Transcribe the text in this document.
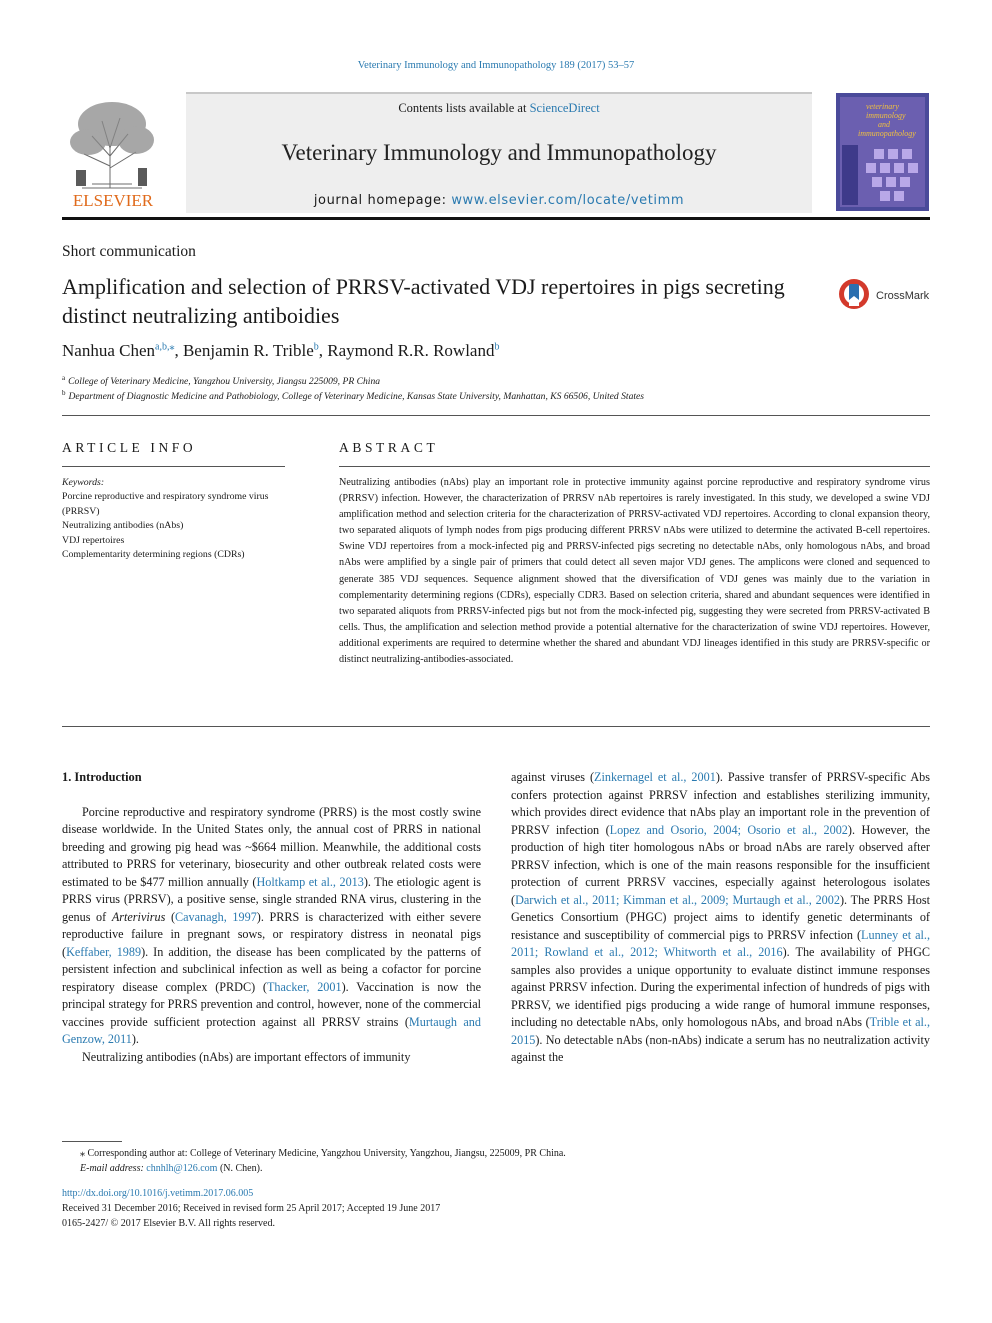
Veterinary Immunology and Immunopathology 189 (2017) 53–57
Contents lists available at ScienceDirect
Veterinary Immunology and Immunopathology
journal homepage: www.elsevier.com/locate/vetimm
ELSEVIER
veterinary
immunology
and
immunopathology
Short communication
Amplification and selection of PRRSV-activated VDJ repertoires in pigs secreting distinct neutralizing antiboidies
CrossMark
Nanhua Chen$^{a,b,⁎}$, Benjamin R. Trible$^b$, Raymond R.R. Rowland$^b$
$^a$ College of Veterinary Medicine, Yangzhou University, Jiangsu 225009, PR China
$^b$ Department of Diagnostic Medicine and Pathobiology, College of Veterinary Medicine, Kansas State University, Manhattan, KS 66506, United States
ARTICLE INFO	ABSTRACT
Keywords:
Porcine reproductive and respiratory syndrome virus (PRRSV)
Neutralizing antibodies (nAbs)
VDJ repertoires
Complementarity determining regions (CDRs)
Neutralizing antibodies (nAbs) play an important role in protective immunity against porcine reproductive and respiratory syndrome virus (PRRSV) infection. However, the characterization of PRRSV nAb repertoires is rarely investigated. In this study, we developed a swine VDJ amplification method and selection criteria for the characterization of PRRSV-activated VDJ repertoires. According to clonal expansion theory, two separated aliquots of lymph nodes from pigs producing different PRRSV nAbs were utilized to determine the activated B-cell repertoires. Swine VDJ repertoires from a mock-infected pig and PRRSV-infected pigs secreting no detectable nAbs, only homologous nAbs, and broad nAbs were amplified by a single pair of primers that could detect all seven major VDJ genes. The amplicons were cloned and sequenced to generate 385 VDJ sequences. Sequence alignment showed that the diversification of VDJ genes was mainly due to the variation in complementarity determining regions (CDRs), especially CDR3. Based on selection criteria, shared and abundant sequences were identified in two separated aliquots from PRRSV-infected pigs but not from the mock-infected pig, suggesting they were secreted from PRRSV-activated B cells. Thus, the amplification and selection method provide a potential alternative for the characterization of swine VDJ repertoires. However, additional experiments are required to determine whether the shared and abundant VDJ lineages identified in this study are PRRSV-specific or distinct neutralizing-antibodies-associated.
1. Introduction

Porcine reproductive and respiratory syndrome (PRRS) is the most costly swine disease worldwide. In the United States only, the annual cost of PRRS in national breeding and growing pig head was ~$664 million. Meanwhile, the additional costs attributed to PRRS for veterinary, biosecurity and other outbreak related costs were estimated to be $477 million annually (Holtkamp et al., 2013). The etiologic agent is PRRS virus (PRRSV), a positive sense, single stranded RNA virus, clustering in the genus of Arterivirus (Cavanagh, 1997). PRRS is characterized with either severe reproductive failure in pregnant sows, or respiratory distress in neonatal pigs (Keffaber, 1989). In addition, the disease has been complicated by the patterns of persistent infection and subclinical infection as well as being a cofactor for porcine respiratory disease complex (PRDC) (Thacker, 2001). Vaccination is now the principal strategy for PRRS prevention and control, however, none of the commercial vaccines provide sufficient protection against all PRRSV strains (Murtaugh and Genzow, 2011).

Neutralizing antibodies (nAbs) are important effectors of immunity

against viruses (Zinkernagel et al., 2001). Passive transfer of PRRSV-specific Abs confers protection against PRRSV infection and establishes sterilizing immunity, which provides direct evidence that nAbs play an important role in the prevention of PRRSV infection (Lopez and Osorio, 2004; Osorio et al., 2002). However, the production of high titer homologous nAbs or broad nAbs are rarely observed after PRRSV infection, which is one of the main reasons responsible for the insufficient protection of current PRRSV vaccines, especially against heterologous isolates (Darwich et al., 2011; Kimman et al., 2009; Murtaugh et al., 2002). The PRRS Host Genetics Consortium (PHGC) project aims to identify genetic determinants of resistance and susceptibility of commercial pigs to PRRSV infection (Lunney et al., 2011; Rowland et al., 2012; Whitworth et al., 2016). The availability of PHGC samples also provides a unique opportunity to evaluate distinct immune responses against PRRSV infection. During the experimental infection of hundreds of pigs with PRRSV, we identified pigs producing a wide range of humoral immune responses, including no detectable nAbs, only homologous nAbs, and broad nAbs (Trible et al., 2015). No detectable nAbs (non-nAbs) indicate a serum has no neutralization activity against the

⁎ Corresponding author at: College of Veterinary Medicine, Yangzhou University, Yangzhou, Jiangsu, 225009, PR China.
E-mail address: chnhlh@126.com (N. Chen).
http://dx.doi.org/10.1016/j.vetimm.2017.06.005
Received 31 December 2016; Received in revised form 25 April 2017; Accepted 19 June 2017
0165-2427/ © 2017 Elsevier B.V. All rights reserved.
